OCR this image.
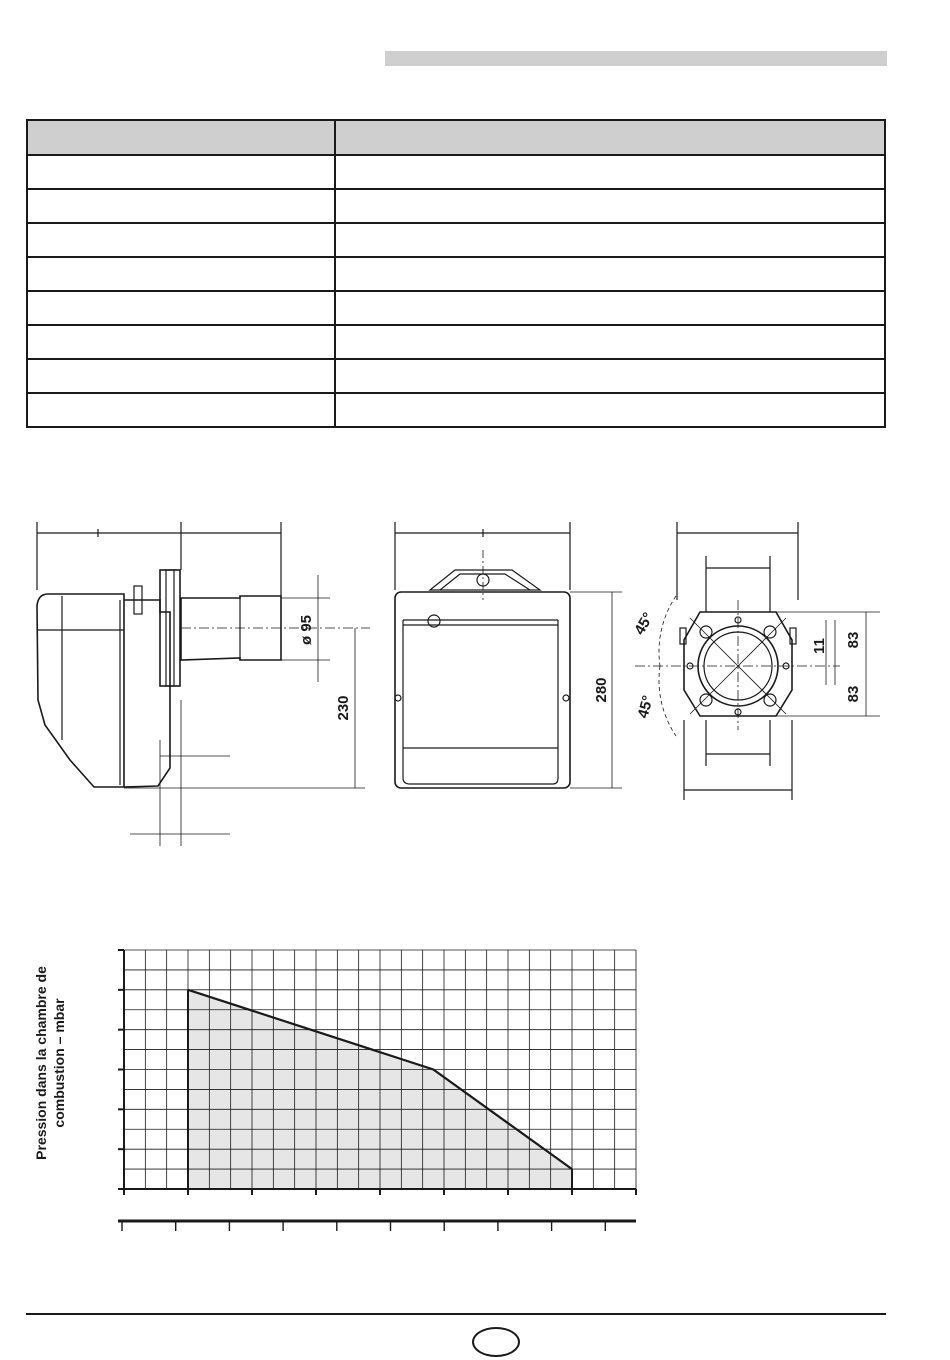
ø 95
230
280
45°
45°
11 83
83
Pression dans la chambre de combustion – mbar
